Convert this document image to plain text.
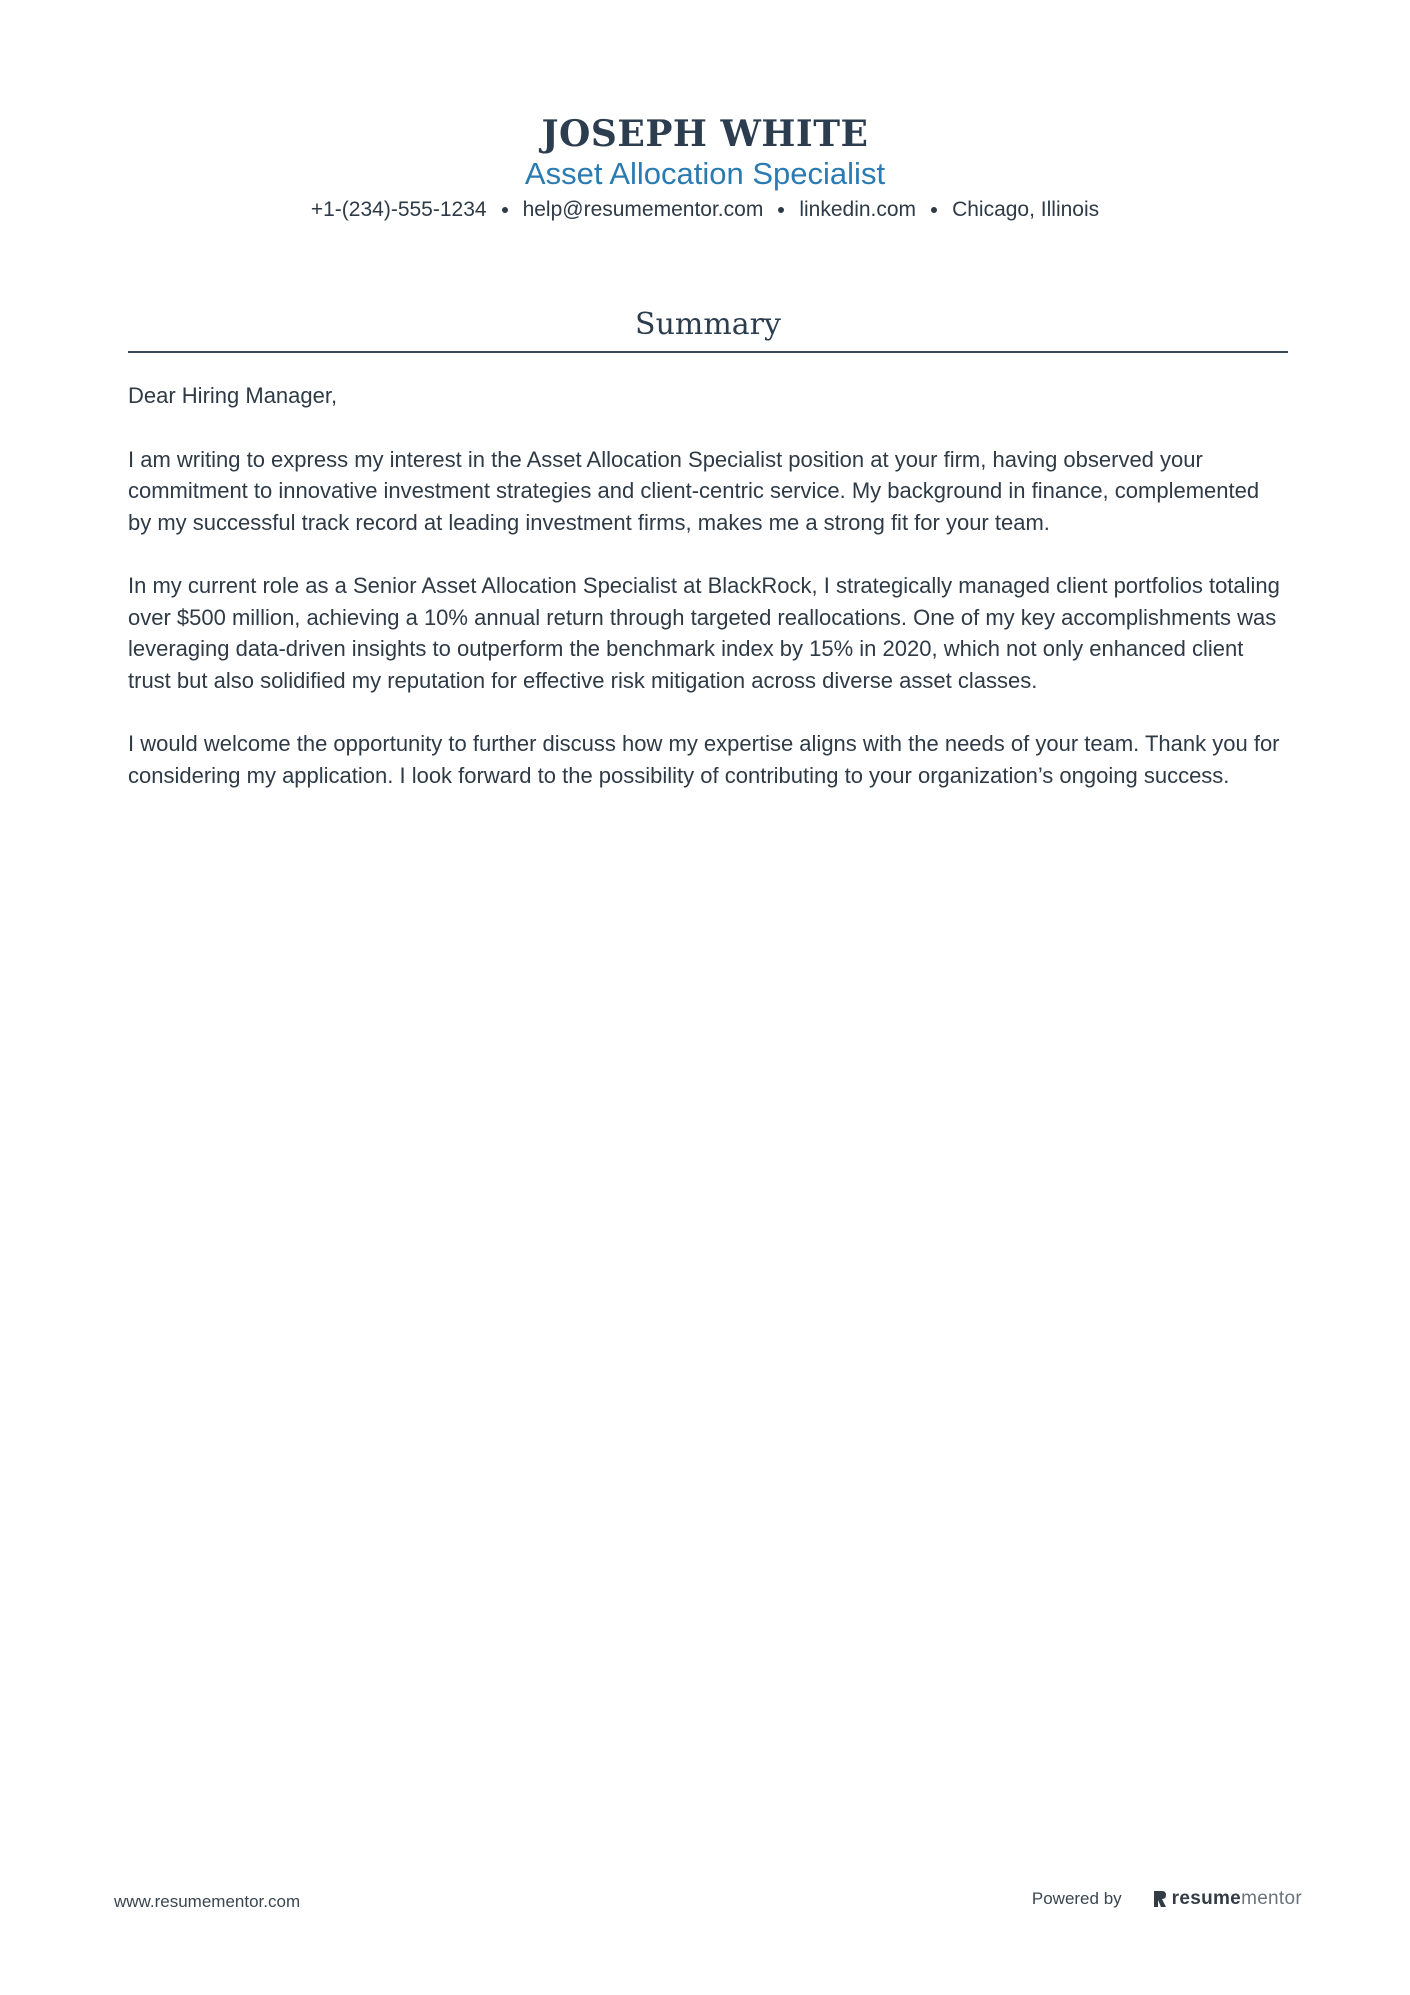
JOSEPH WHITE
Asset Allocation Specialist
+1-(234)-555-1234 help@resumementor.com linkedin.com Chicago, Illinois
Summary

Dear Hiring Manager,

I am writing to express my interest in the Asset Allocation Specialist position at your firm, having observed your commitment to innovative investment strategies and client-centric service. My background in finance, complemented by my successful track record at leading investment firms, makes me a strong fit for your team.

In my current role as a Senior Asset Allocation Specialist at BlackRock, I strategically managed client portfolios totaling over $500 million, achieving a 10% annual return through targeted reallocations. One of my key accomplishments was leveraging data-driven insights to outperform the benchmark index by 15% in 2020, which not only enhanced client trust but also solidified my reputation for effective risk mitigation across diverse asset classes.

I would welcome the opportunity to further discuss how my expertise aligns with the needs of your team. Thank you for considering my application. I look forward to the possibility of contributing to your organization’s ongoing success.

www.resumementor.com	Powered by	resumementor
